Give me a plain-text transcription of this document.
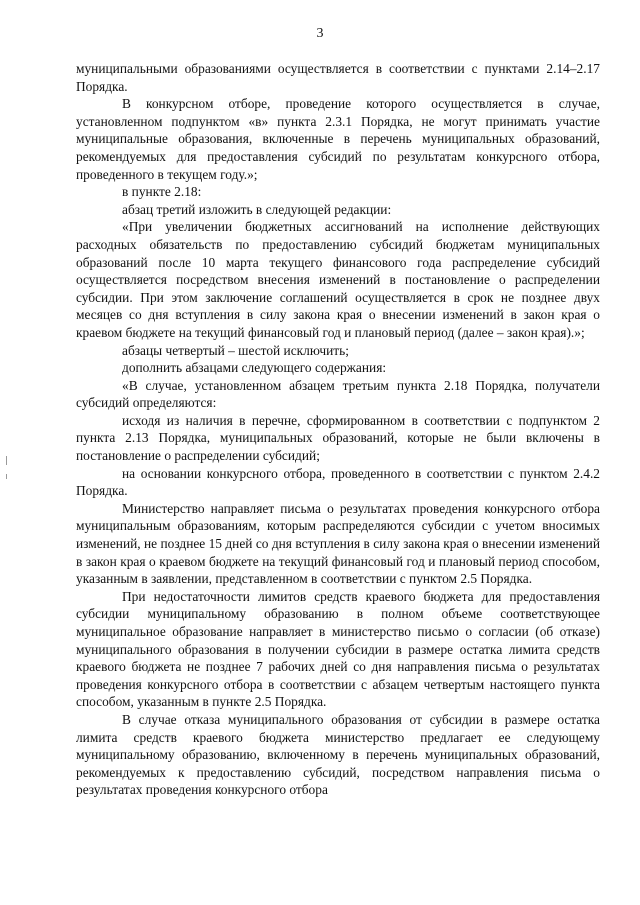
3

муниципальными образованиями осуществляется в соответствии с пунктами 2.14–2.17 Порядка.

В конкурсном отборе, проведение которого осуществляется в случае, установленном подпунктом «в» пункта 2.3.1 Порядка, не могут принимать участие муниципальные образования, включенные в перечень муниципальных образований, рекомендуемых для предоставления субсидий по результатам конкурсного отбора, проведенного в текущем году.»;

в пункте 2.18:

абзац третий изложить в следующей редакции:

«При увеличении бюджетных ассигнований на исполнение действующих расходных обязательств по предоставлению субсидий бюджетам муниципальных образований после 10 марта текущего финансового года распределение субсидий осуществляется посредством внесения изменений в постановление о распределении субсидии. При этом заключение соглашений осуществляется в срок не позднее двух месяцев со дня вступления в силу закона края о внесении изменений в закон края о краевом бюджете на текущий финансовый год и плановый период (далее – закон края).»;

абзацы четвертый – шестой исключить;

дополнить абзацами следующего содержания:

«В случае, установленном абзацем третьим пункта 2.18 Порядка, получатели субсидий определяются:

исходя из наличия в перечне, сформированном в соответствии с подпунктом 2 пункта 2.13 Порядка, муниципальных образований, которые не были включены в постановление о распределении субсидий;

на основании конкурсного отбора, проведенного в соответствии с пунктом 2.4.2 Порядка.

Министерство направляет письма о результатах проведения конкурсного отбора муниципальным образованиям, которым распределяются субсидии с учетом вносимых изменений, не позднее 15 дней со дня вступления в силу закона края о внесении изменений в закон края о краевом бюджете на текущий финансовый год и плановый период способом, указанным в заявлении, представленном в соответствии с пунктом 2.5 Порядка.

При недостаточности лимитов средств краевого бюджета для предоставления субсидии муниципальному образованию в полном объеме соответствующее муниципальное образование направляет в министерство письмо о согласии (об отказе) муниципального образования в получении субсидии в размере остатка лимита средств краевого бюджета не позднее 7 рабочих дней со дня направления письма о результатах проведения конкурсного отбора в соответствии с абзацем четвертым настоящего пункта способом, указанным в пункте 2.5 Порядка.

В случае отказа муниципального образования от субсидии в размере остатка лимита средств краевого бюджета министерство предлагает ее следующему муниципальному образованию, включенному в перечень муниципальных образований, рекомендуемых к предоставлению субсидий, посредством направления письма о результатах проведения конкурсного отбора
